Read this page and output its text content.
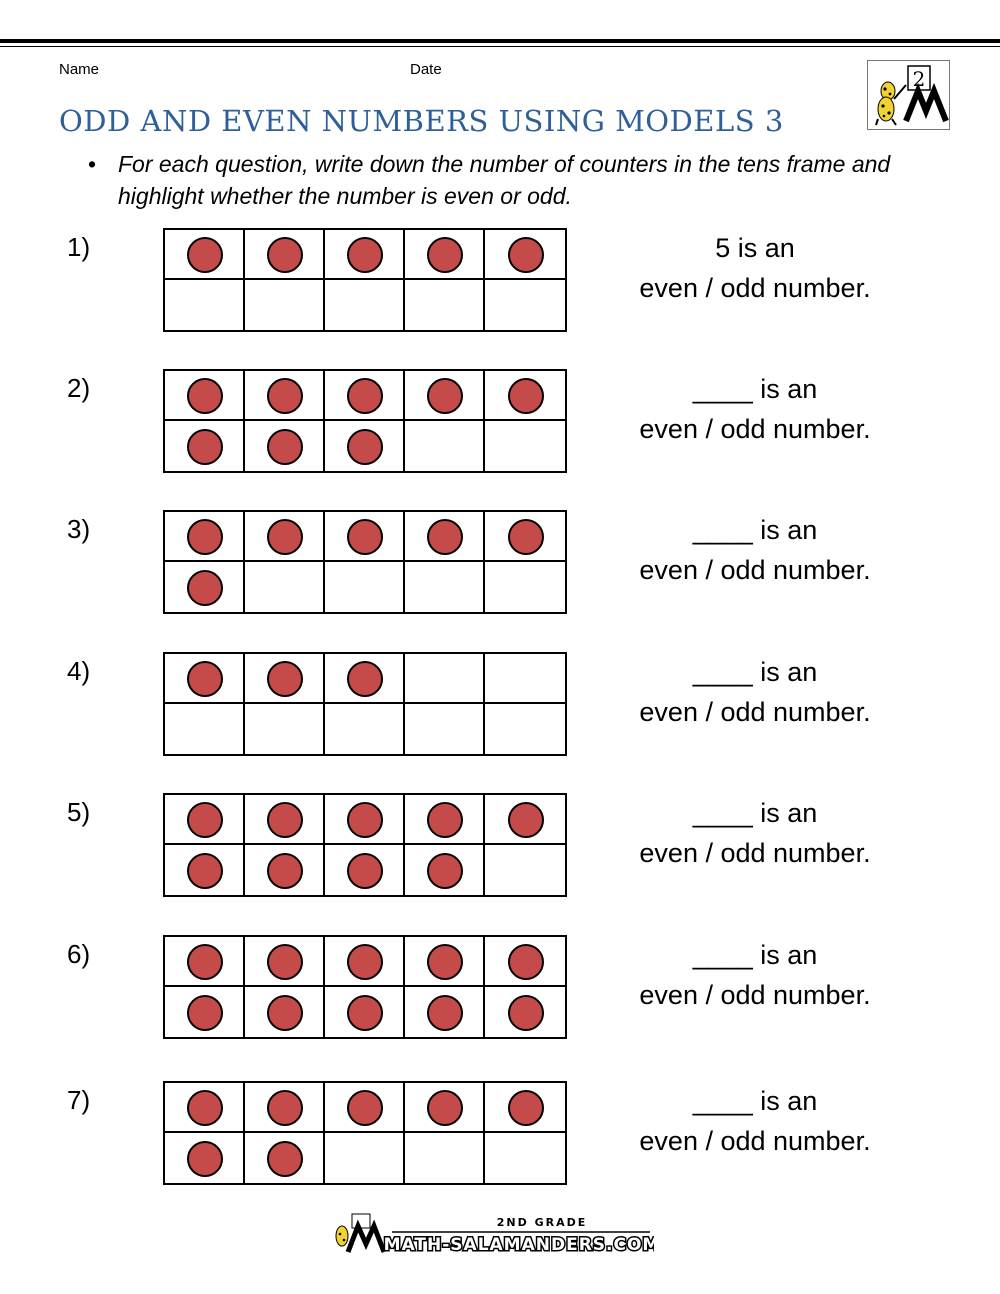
Name	Date	2
ODD AND EVEN NUMBERS USING MODELS 3
• For each question, write down the number of counters in the tens frame and highlight whether the number is even or odd.
1)	5 is an
even / odd number.
2)	____ is an
even / odd number.
3)	____ is an
even / odd number.
4)	____ is an
even / odd number.
5)	____ is an
even / odd number.
6)	____ is an
even / odd number.
7)	____ is an
even / odd number.
2ND GRADE
MATH-SALAMANDERS.COM
